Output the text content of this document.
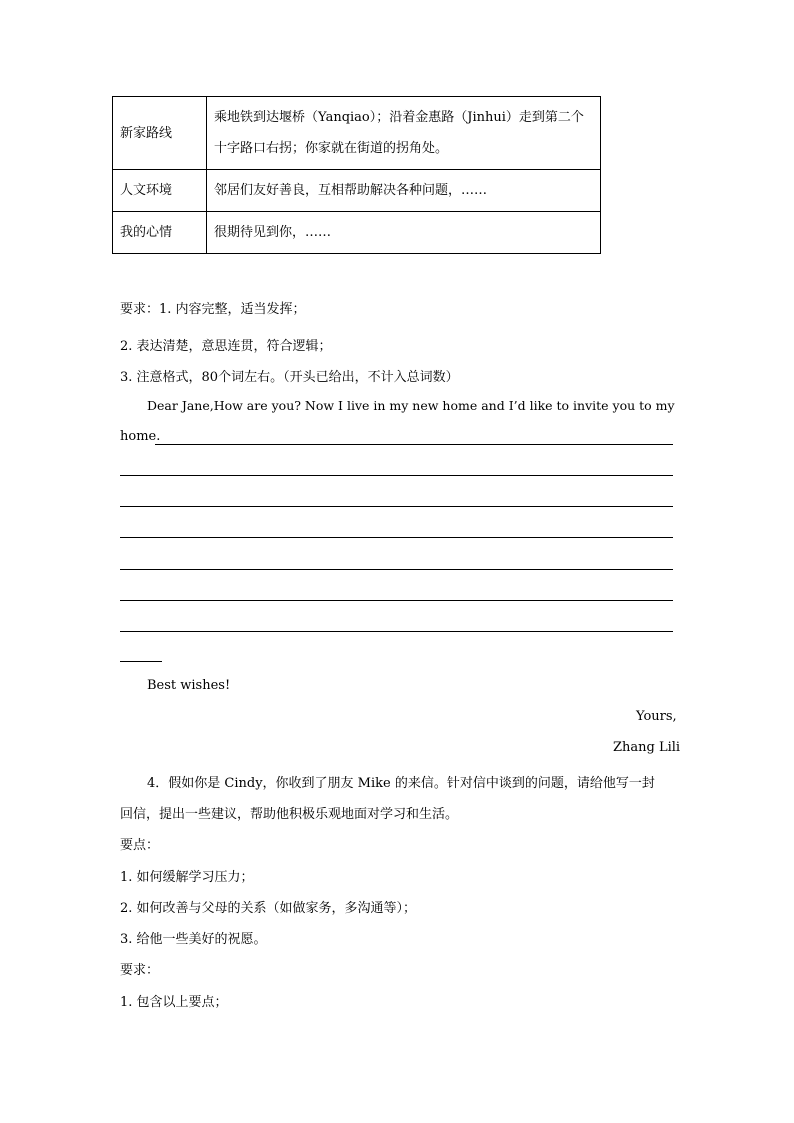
新家路线	乘地铁到达堰桥（Yanqiao）；沿着金惠路（Jinhui）走到第二个
十字路口右拐；你家就在街道的拐角处。

人文环境	邻居们友好善良，互相帮助解决各种问题，……
我的心情	很期待见到你，……
要求：1. 内容完整，适当发挥；
2. 表达清楚，意思连贯，符合逻辑；
3. 注意格式，80个词左右。（开头已给出，不计入总词数）
Dear Jane,How are you? Now I live in my new home and I’d like to invite you to my
home.
Best wishes!
Yours,
Zhang Lili
4．假如你是 Cindy，你收到了朋友 Mike 的来信。针对信中谈到的问题，请给他写一封
回信，提出一些建议，帮助他积极乐观地面对学习和生活。
要点：
1. 如何缓解学习压力；
2. 如何改善与父母的关系（如做家务，多沟通等）；
3. 给他一些美好的祝愿。
要求：
1. 包含以上要点；
